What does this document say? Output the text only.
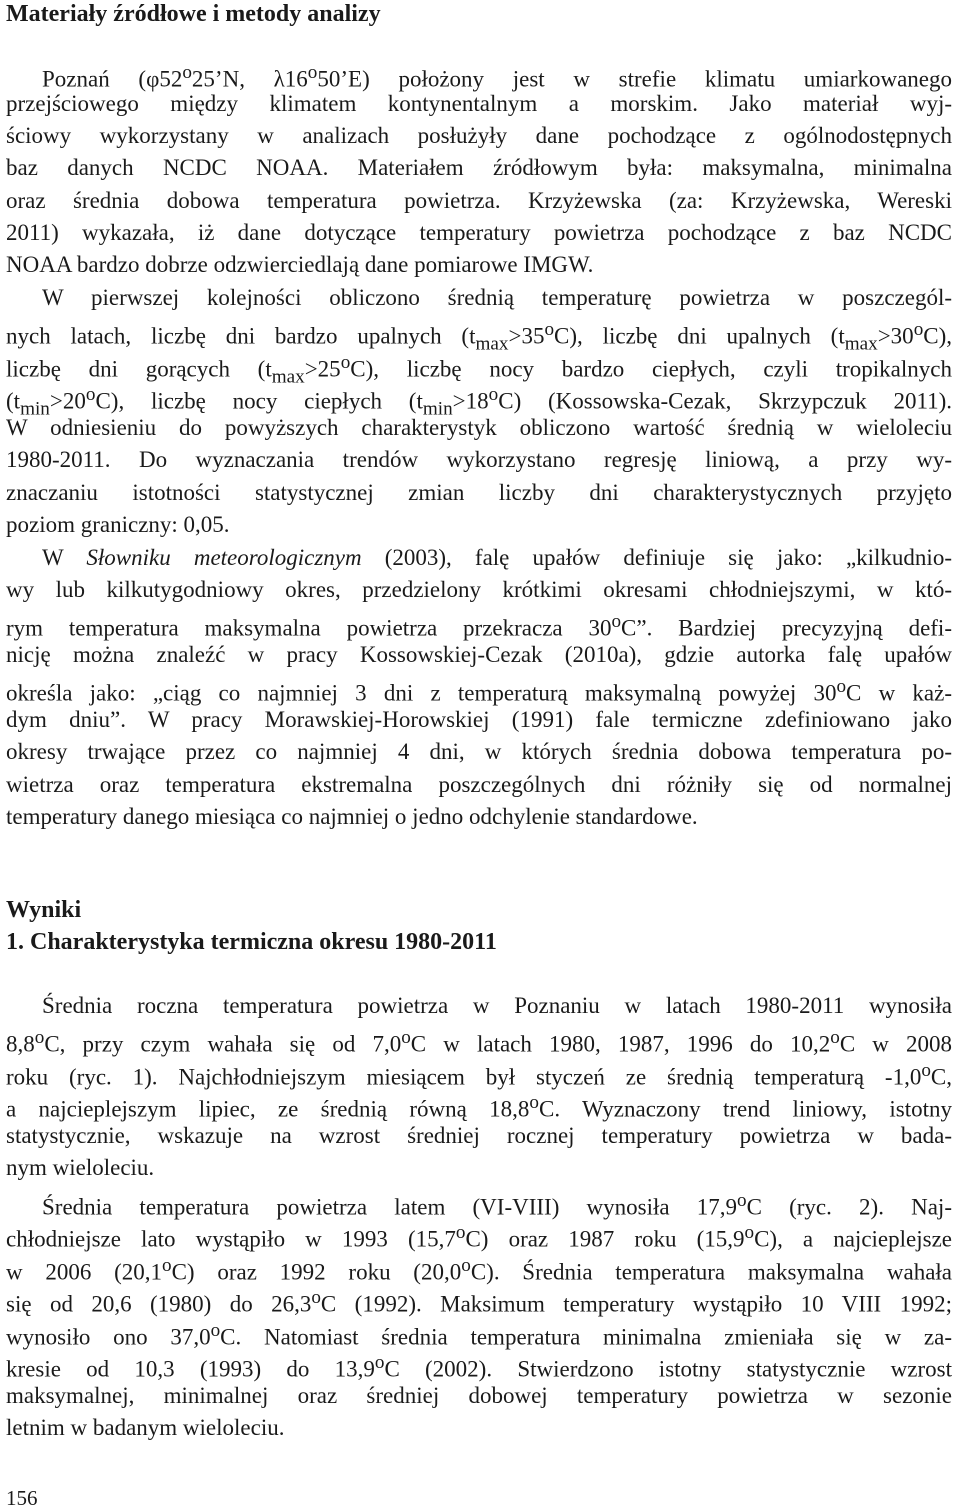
Materiały źródłowe i metody analizy

Poznań (φ52$^o$25’N, λ16$^o$50’E) położony jest w strefie klimatu umiarkowanego

przejściowego między klimatem kontynentalnym a morskim. Jako materiał wyj-

ściowy wykorzystany w analizach posłużyły dane pochodzące z ogólnodostępnych

baz danych NCDC NOAA. Materiałem źródłowym była: maksymalna, minimalna

oraz średnia dobowa temperatura powietrza. Krzyżewska (za: Krzyżewska, Wereski

2011) wykazała, iż dane dotyczące temperatury powietrza pochodzące z baz NCDC

NOAA bardzo dobrze odzwierciedlają dane pomiarowe IMGW.

W pierwszej kolejności obliczono średnią temperaturę powietrza w poszczegól-

nych latach, liczbę dni bardzo upalnych $(t_{max}>35^oC)$, liczbę dni upalnych $(t_{max}>30^oC)$,

liczbę dni gorących $(t_{max}>25^oC)$, liczbę nocy bardzo ciepłych, czyli tropikalnych

$(t_{min}>20^oC)$, liczbę nocy ciepłych $(t_{min}>18^oC)$ (Kossowska-Cezak, Skrzypczuk 2011).

W odniesieniu do powyższych charakterystyk obliczono wartość średnią w wieloleciu

1980-2011. Do wyznaczania trendów wykorzystano regresję liniową, a przy wy-

znaczaniu istotności statystycznej zmian liczby dni charakterystycznych przyjęto

poziom graniczny: 0,05.

W Słowniku meteorologicznym (2003), falę upałów definiuje się jako: „kilkudnio-

wy lub kilkutygodniowy okres, przedzielony krótkimi okresami chłodniejszymi, w któ-

rym temperatura maksymalna powietrza przekracza 30$^o$C”. Bardziej precyzyjną defi-

nicję można znaleźć w pracy Kossowskiej-Cezak (2010a), gdzie autorka falę upałów

określa jako: „ciąg co najmniej 3 dni z temperaturą maksymalną powyżej 30$^o$C w każ-

dym dniu”. W pracy Morawskiej-Horowskiej (1991) fale termiczne zdefiniowano jako

okresy trwające przez co najmniej 4 dni, w których średnia dobowa temperatura po-

wietrza oraz temperatura ekstremalna poszczególnych dni różniły się od normalnej

temperatury danego miesiąca co najmniej o jedno odchylenie standardowe.

Wyniki
1. Charakterystyka termiczna okresu 1980-2011

Średnia roczna temperatura powietrza w Poznaniu w latach 1980-2011 wynosiła

8,8$^o$C, przy czym wahała się od 7,0$^o$C w latach 1980, 1987, 1996 do 10,2$^o$C w 2008

roku (ryc. 1). Najchłodniejszym miesiącem był styczeń ze średnią temperaturą -1,0$^o$C,

a najcieplejszym lipiec, ze średnią równą 18,8$^o$C. Wyznaczony trend liniowy, istotny

statystycznie, wskazuje na wzrost średniej rocznej temperatury powietrza w bada-

nym wieloleciu.

Średnia temperatura powietrza latem (VI-VIII) wynosiła 17,9$^o$C (ryc. 2). Naj-

chłodniejsze lato wystąpiło w 1993 (15,7$^o$C) oraz 1987 roku (15,9$^o$C), a najcieplejsze

w 2006 (20,1$^o$C) oraz 1992 roku (20,0$^o$C). Średnia temperatura maksymalna wahała

się od 20,6 (1980) do 26,3$^o$C (1992). Maksimum temperatury wystąpiło 10 VIII 1992;

wynosiło ono 37,0$^o$C. Natomiast średnia temperatura minimalna zmieniała się w za-

kresie od 10,3 (1993) do 13,9$^o$C (2002). Stwierdzono istotny statystycznie wzrost

maksymalnej, minimalnej oraz średniej dobowej temperatury powietrza w sezonie

letnim w badanym wieloleciu.

156
